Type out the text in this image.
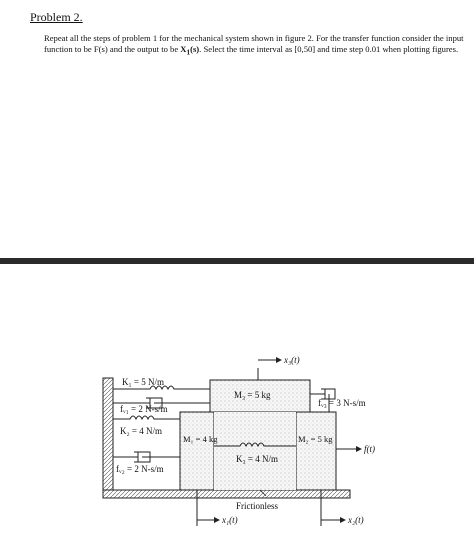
Problem 2.

Repeat all the steps of problem 1 for the mechanical system shown in figure 2. For the transfer function consider the input function to be F(s) and the output to be $X_1(s)$. Select the time interval as [0,50] and time step 0.01 when plotting figures.

K₁ = 5 N/m
fᵥ₁ = 2 N-s/m
K₂ = 4 N/m
fᵥ₂ = 2 N-s/m
M₁ = 4 kg
M₃ = 5 kg
K₃ = 4 N/m
M₂ = 5 kg
fᵥ₃ = 3 N-s/m
x₃(t)
x₁(t)	x₂(t)
f(t)
Frictionless
